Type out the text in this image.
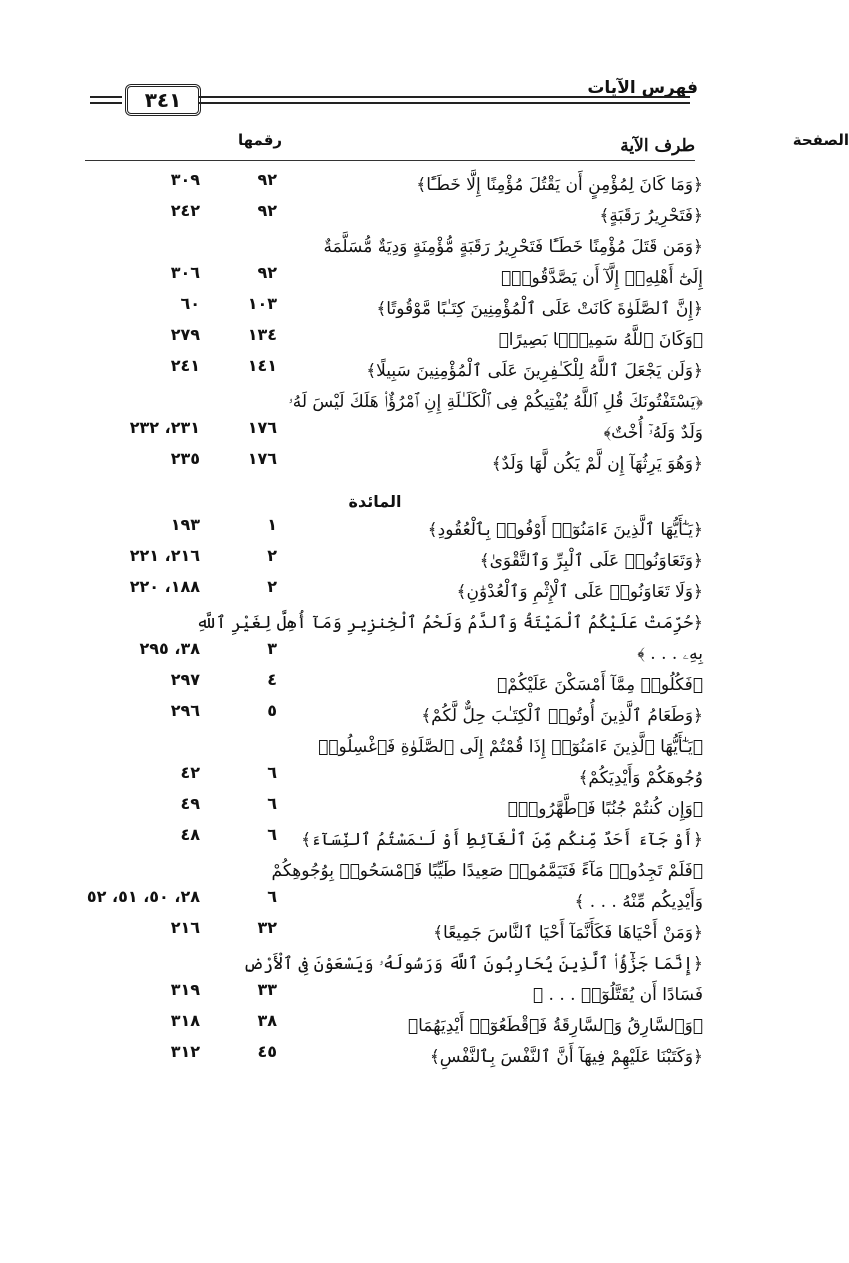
فهرس الآيات
٣٤١
طرف الآية
رقمها	الصفحة
المائدة
﴿وَمَا كَانَ لِمُؤْمِنٍ أَن يَقْتُلَ مُؤْمِنًا إِلَّا خَطَـًٔا﴾
٩٢
٣٠٩
﴿فَتَحْرِيرُ رَقَبَةٍ﴾
٩٢
٢٤٢
﴿وَمَن قَتَلَ مُؤْمِنًا خَطَـًٔا فَتَحْرِيرُ رَقَبَةٍ مُّؤْمِنَةٍ وَدِيَةٌ مُّسَلَّمَةٌ
إِلَىٰٓ أَهْلِهِۦٓ إِلَّآ أَن يَصَّدَّقُوا۟﴾
٩٢
٣٠٦
﴿إِنَّ ٱلصَّلَوٰةَ كَانَتْ عَلَى ٱلْمُؤْمِنِينَ كِتَـٰبًا مَّوْقُوتًا﴾
١٠٣
٦٠
﴿وَكَانَ ٱللَّهُ سَمِيعًۢا بَصِيرًا﴾
١٣٤
٢٧٩
﴿وَلَن يَجْعَلَ ٱللَّهُ لِلْكَـٰفِرِينَ عَلَى ٱلْمُؤْمِنِينَ سَبِيلًا﴾
١٤١
٢٤١
﴿يَسْتَفْتُونَكَ قُلِ ٱللَّهُ يُفْتِيكُمْ فِى ٱلْكَلَـٰلَةِ إِنِ ٱمْرُؤٌا۟ هَلَكَ لَيْسَ لَهُۥ
وَلَدٌ وَلَهُۥٓ أُخْتٌ﴾
١٧٦
٢٣١، ٢٣٢
﴿وَهُوَ يَرِثُهَآ إِن لَّمْ يَكُن لَّهَا وَلَدٌ﴾
١٧٦
٢٣٥
﴿يَـٰٓأَيُّهَا ٱلَّذِينَ ءَامَنُوٓا۟ أَوْفُوا۟ بِٱلْعُقُودِ﴾
١
١٩٣
﴿وَتَعَاوَنُوا۟ عَلَى ٱلْبِرِّ وَٱلتَّقْوَىٰ﴾
٢
٢١٦، ٢٢١
﴿وَلَا تَعَاوَنُوا۟ عَلَى ٱلْإِثْمِ وَٱلْعُدْوَٰنِ﴾
٢
١٨٨، ٢٢٠
﴿حُرِّمَتْ عَلَيْكُمُ ٱلْمَيْتَةُ وَٱلدَّمُ وَلَحْمُ ٱلْخِنزِيرِ وَمَآ أُهِلَّ لِغَيْرِ ٱللَّهِ
بِهِۦ . . . ﴾
٣
٣٨، ٢٩٥
﴿فَكُلُوا۟ مِمَّآ أَمْسَكْنَ عَلَيْكُمْ﴾
٤
٢٩٧
﴿وَطَعَامُ ٱلَّذِينَ أُوتُوا۟ ٱلْكِتَـٰبَ حِلٌّ لَّكُمْ﴾
٥
٢٩٦
﴿يَـٰٓأَيُّهَا ٱلَّذِينَ ءَامَنُوٓا۟ إِذَا قُمْتُمْ إِلَى ٱلصَّلَوٰةِ فَٱغْسِلُوا۟
وُجُوهَكُمْ وَأَيْدِيَكُمْ﴾
٦
٤٢
﴿وَإِن كُنتُمْ جُنُبًا فَٱطَّهَّرُوا۟﴾
٦
٤٩
﴿أَوْ جَآءَ أَحَدٌ مِّنكُم مِّنَ ٱلْغَآئِطِ أَوْ لَـٰمَسْتُمُ ٱلنِّسَآءَ﴾
٦
٤٨
﴿فَلَمْ تَجِدُوا۟ مَآءً فَتَيَمَّمُوا۟ صَعِيدًا طَيِّبًا فَٱمْسَحُوا۟ بِوُجُوهِكُمْ
وَأَيْدِيكُم مِّنْهُ . . . ﴾
٦
٢٨، ٥٠، ٥١، ٥٢
﴿وَمَنْ أَحْيَاهَا فَكَأَنَّمَآ أَحْيَا ٱلنَّاسَ جَمِيعًا﴾
٣٢
٢١٦
﴿إِنَّمَا جَزَٰٓؤُا۟ ٱلَّذِينَ يُحَارِبُونَ ٱللَّهَ وَرَسُولَهُۥ وَيَسْعَوْنَ فِى ٱلْأَرْضِ
فَسَادًا أَن يُقَتَّلُوٓا۟ . . . ﴾
٣٣
٣١٩
﴿وَٱلسَّارِقُ وَٱلسَّارِقَةُ فَٱقْطَعُوٓا۟ أَيْدِيَهُمَا﴾
٣٨
٣١٨
﴿وَكَتَبْنَا عَلَيْهِمْ فِيهَآ أَنَّ ٱلنَّفْسَ بِٱلنَّفْسِ﴾
٤٥
٣١٢
